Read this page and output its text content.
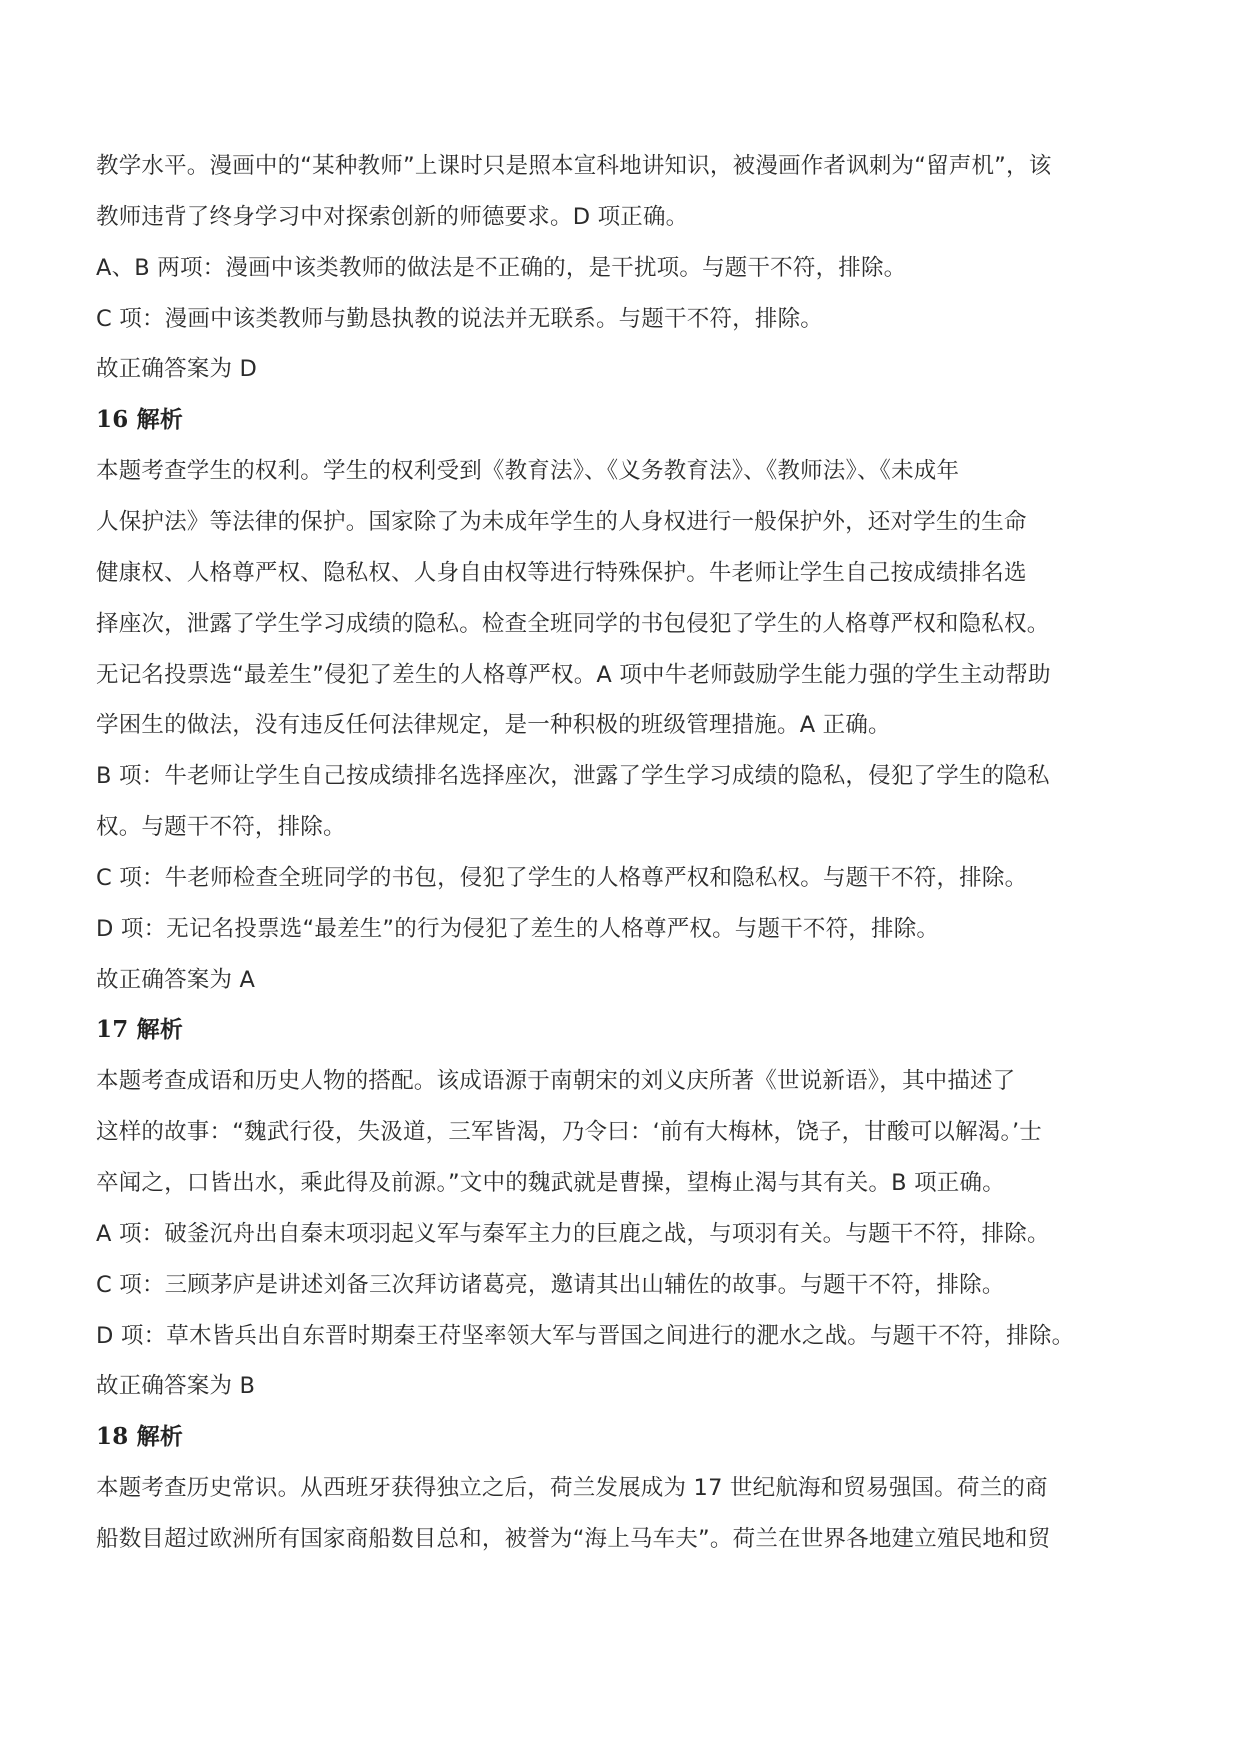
教学水平。漫画中的“某种教师”上课时只是照本宣科地讲知识，被漫画作者讽刺为“留声机”，该
教师违背了终身学习中对探索创新的师德要求。D 项正确。
A、B 两项：漫画中该类教师的做法是不正确的，是干扰项。与题干不符，排除。
C 项：漫画中该类教师与勤恳执教的说法并无联系。与题干不符，排除。
故正确答案为 D
16 解析
本题考查学生的权利。学生的权利受到《教育法》、《义务教育法》、《教师法》、《未成年
人保护法》等法律的保护。国家除了为未成年学生的人身权进行一般保护外，还对学生的生命
健康权、人格尊严权、隐私权、人身自由权等进行特殊保护。牛老师让学生自己按成绩排名选
择座次，泄露了学生学习成绩的隐私。检查全班同学的书包侵犯了学生的人格尊严权和隐私权。
无记名投票选“最差生”侵犯了差生的人格尊严权。A 项中牛老师鼓励学生能力强的学生主动帮助
学困生的做法，没有违反任何法律规定，是一种积极的班级管理措施。A 正确。
B 项：牛老师让学生自己按成绩排名选择座次，泄露了学生学习成绩的隐私，侵犯了学生的隐私
权。与题干不符，排除。
C 项：牛老师检查全班同学的书包，侵犯了学生的人格尊严权和隐私权。与题干不符，排除。
D 项：无记名投票选“最差生”的行为侵犯了差生的人格尊严权。与题干不符，排除。
故正确答案为 A
17 解析
本题考查成语和历史人物的搭配。该成语源于南朝宋的刘义庆所著《世说新语》，其中描述了
这样的故事：“魏武行役，失汲道，三军皆渴，乃令曰：‘前有大梅林，饶子，甘酸可以解渴。’士
卒闻之，口皆出水，乘此得及前源。”文中的魏武就是曹操，望梅止渴与其有关。B 项正确。
A 项：破釜沉舟出自秦末项羽起义军与秦军主力的巨鹿之战，与项羽有关。与题干不符，排除。
C 项：三顾茅庐是讲述刘备三次拜访诸葛亮，邀请其出山辅佐的故事。与题干不符，排除。
D 项：草木皆兵出自东晋时期秦王苻坚率领大军与晋国之间进行的淝水之战。与题干不符，排除。
故正确答案为 B
18 解析
本题考查历史常识。从西班牙获得独立之后，荷兰发展成为 17 世纪航海和贸易强国。荷兰的商
船数目超过欧洲所有国家商船数目总和，被誉为“海上马车夫”。荷兰在世界各地建立殖民地和贸
